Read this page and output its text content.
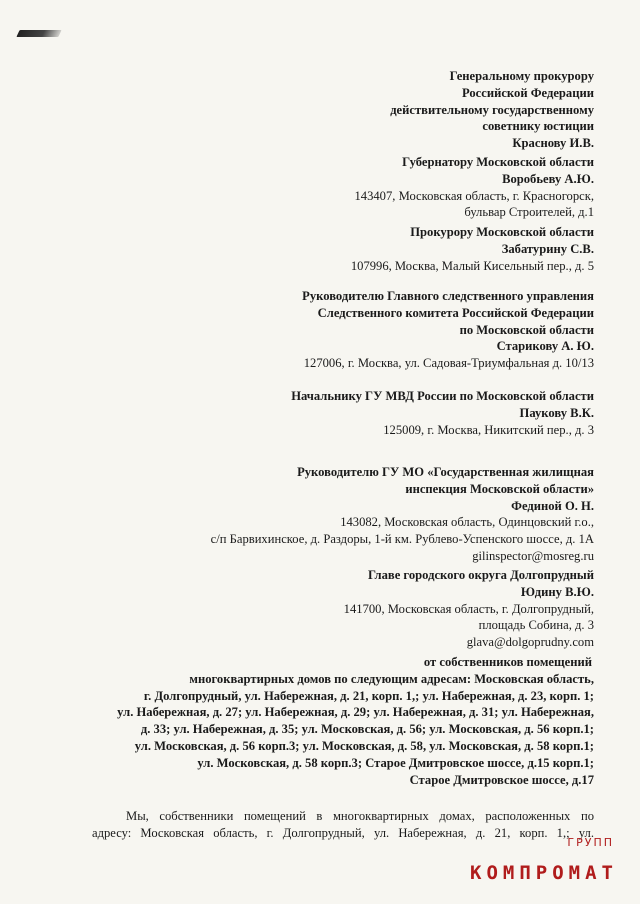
Генеральному прокурору
Российской Федерации
действительному государственному
советнику юстиции
Краснову И.В.
Губернатору Московской области
Воробьеву А.Ю.
143407, Московская область, г. Красногорск,
бульвар Строителей, д.1
Прокурору Московской области
Забатурину С.В.
107996, Москва, Малый Кисельный пер., д. 5
Руководителю Главного следственного управления
Следственного комитета Российской Федерации
по Московской области
Старикову А. Ю.
127006, г. Москва, ул. Садовая-Триумфальная д. 10/13
Начальнику ГУ МВД России по Московской области
Паукову В.К.
125009, г. Москва, Никитский пер., д. 3
Руководителю ГУ МО «Государственная жилищная
инспекция Московской области»
Фединой О. Н.
143082, Московская область, Одинцовский г.о.,
с/п Барвихинское, д. Раздоры, 1-й км. Рублево-Успенского шоссе, д. 1А
gilinspector@mosreg.ru
Главе городского округа Долгопрудный
Юдину В.Ю.
141700, Московская область, г. Долгопрудный,
площадь Собина, д. 3
glava@dolgoprudny.com
от собственников помещений
многоквартирных домов по следующим адресам: Московская область,
г. Долгопрудный, ул. Набережная, д. 21, корп. 1,; ул. Набережная, д. 23, корп. 1;
ул. Набережная, д. 27; ул. Набережная, д. 29; ул. Набережная, д. 31; ул. Набережная,
д. 33; ул. Набережная, д. 35; ул. Московская, д. 56; ул. Московская, д. 56 корп.1;
ул. Московская, д. 56 корп.3; ул. Московская, д. 58, ул. Московская, д. 58 корп.1;
ул. Московская, д. 58 корп.3; Старое Дмитровское шоссе, д.15 корп.1;
Старое Дмитровское шоссе, д.17
Мы, собственники помещений в многоквартирных домах, расположенных по
адресу: Московская область, г. Долгопрудный, ул. Набережная, д. 21, корп. 1,; ул.
ГРУПП
КОМПРОМАТ
